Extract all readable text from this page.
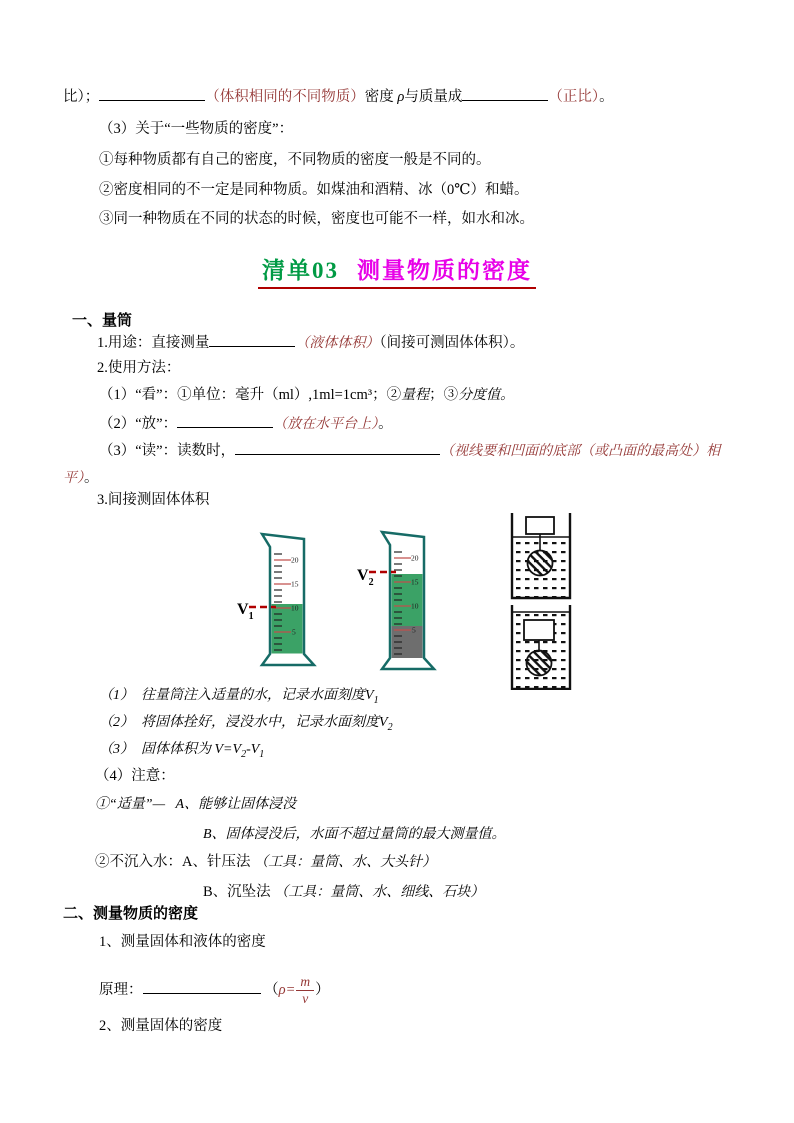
比）；	（体积相同的不同物质）密度 ρ与质量成	（正比）。
（3）关于“一些物质的密度”：
①每种物质都有自己的密度，不同物质的密度一般是不同的。
②密度相同的不一定是同种物质。如煤油和酒精、冰（0℃）和蜡。
③同一种物质在不同的状态的时候，密度也可能不一样，如水和冰。
清单03 测量物质的密度
一、量筒
1.用途：直接测量	（液体体积）（间接可测固体体积）。
2.使用方法：
（1）“看”：①单位：毫升（ml）,1ml=1cm³；②量程；③分度值。
（2）“放”：	（放在水平台上）。
（3）“读”：读数时，	（视线要和凹面的底部（或凸面的最高处）相
平）。
3.间接测固体体积
$V_1$
20
15
10
5
$V_2$
20
15
10
5
（1） 往量筒注入适量的水，记录水面刻度$V_1$
（2） 将固体拴好，浸没水中，记录水面刻度$V_2$
（3） 固体体积为 $V=V_2-V_1$
（4）注意：
①“适量”— A、能够让固体浸没
B、固体浸没后，水面不超过量筒的最大测量值。
②不沉入水：A、针压法 （工具：量筒、水、大头针）
B、沉坠法 （工具：量筒、水、细线、石块）
二、测量物质的密度
1、测量固体和液体的密度
原理：	（$\rho= \frac{m}{v}$ ）
2、测量固体的密度
